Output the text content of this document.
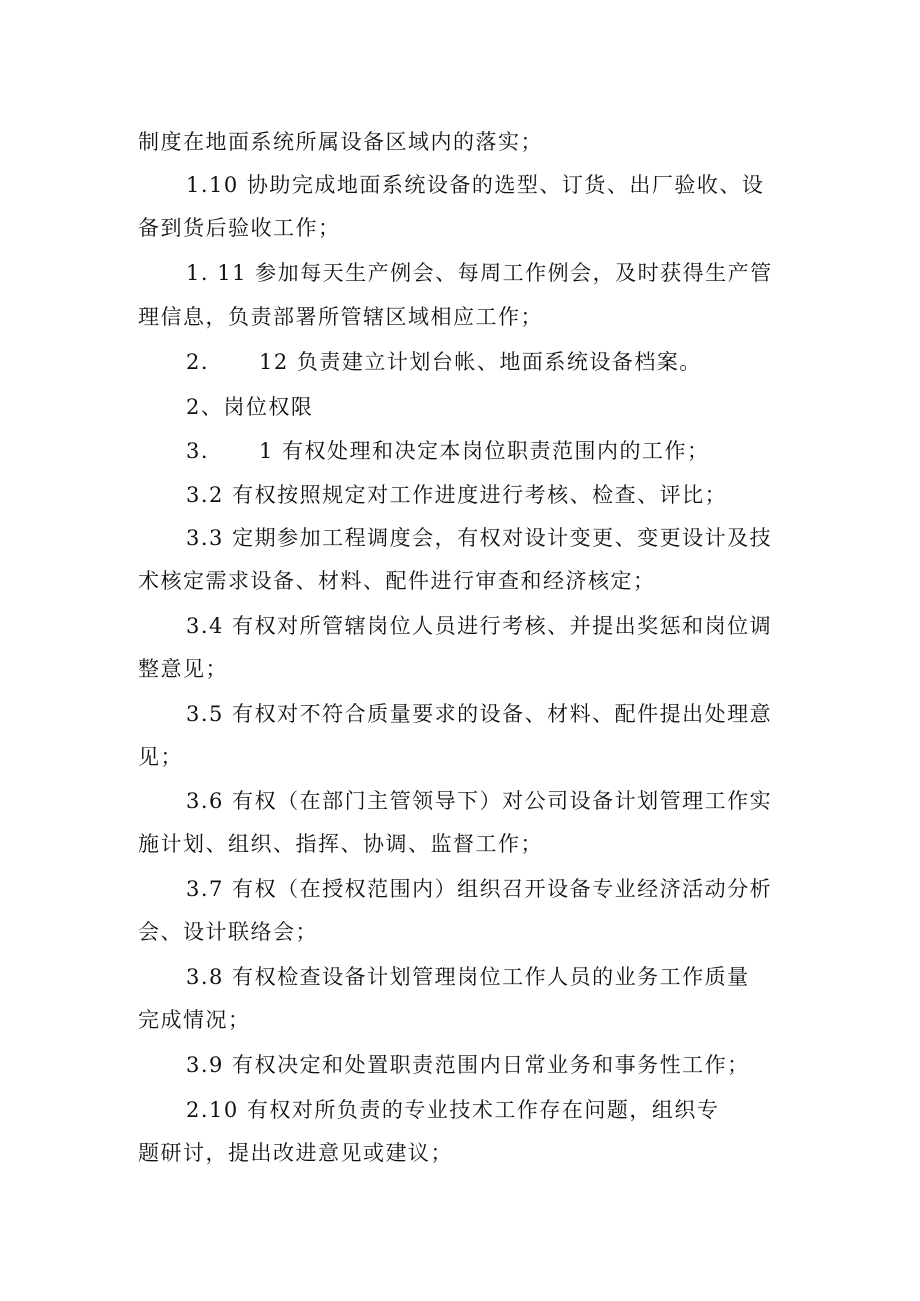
制度在地面系统所属设备区域内的落实；
1.10 协助完成地面系统设备的选型、订货、出厂验收、设
备到货后验收工作；
1. 11 参加每天生产例会、每周工作例会，及时获得生产管
理信息，负责部署所管辖区域相应工作；
2. 12 负责建立计划台帐、地面系统设备档案。
2、岗位权限
3. 1 有权处理和决定本岗位职责范围内的工作；
3.2 有权按照规定对工作进度进行考核、检查、评比；
3.3 定期参加工程调度会，有权对设计变更、变更设计及技
术核定需求设备、材料、配件进行审查和经济核定；
3.4 有权对所管辖岗位人员进行考核、并提出奖惩和岗位调
整意见；
3.5 有权对不符合质量要求的设备、材料、配件提出处理意
见；
3.6 有权（在部门主管领导下）对公司设备计划管理工作实
施计划、组织、指挥、协调、监督工作；
3.7 有权（在授权范围内）组织召开设备专业经济活动分析
会、设计联络会；
3.8 有权检查设备计划管理岗位工作人员的业务工作质量
完成情况；
3.9 有权决定和处置职责范围内日常业务和事务性工作；
2.10 有权对所负责的专业技术工作存在问题，组织专
题研讨，提出改进意见或建议；
